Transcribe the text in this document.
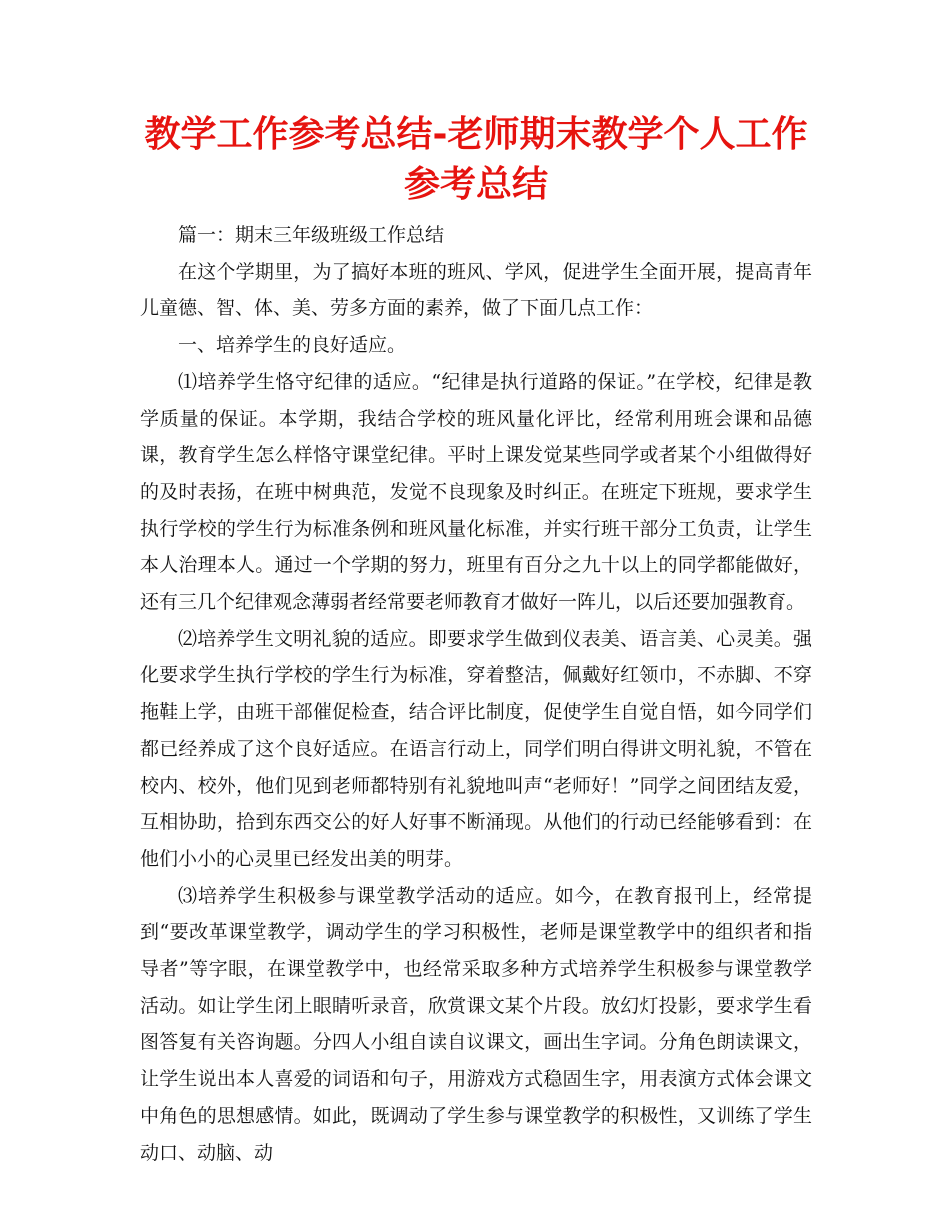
教学工作参考总结-老师期末教学个人工作参考总结

篇一：期末三年级班级工作总结

在这个学期里，为了搞好本班的班风、学风，促进学生全面开展，提高青年儿童德、智、体、美、劳多方面的素养，做了下面几点工作：

一、培养学生的良好适应。

⑴培养学生恪守纪律的适应。“纪律是执行道路的保证。”在学校，纪律是教学质量的保证。本学期，我结合学校的班风量化评比，经常利用班会课和品德课，教育学生怎么样恪守课堂纪律。平时上课发觉某些同学或者某个小组做得好的及时表扬，在班中树典范，发觉不良现象及时纠正。在班定下班规，要求学生执行学校的学生行为标准条例和班风量化标准，并实行班干部分工负责，让学生本人治理本人。通过一个学期的努力，班里有百分之九十以上的同学都能做好，还有三几个纪律观念薄弱者经常要老师教育才做好一阵儿，以后还要加强教育。

⑵培养学生文明礼貌的适应。即要求学生做到仪表美、语言美、心灵美。强化要求学生执行学校的学生行为标准，穿着整洁，佩戴好红领巾，不赤脚、不穿拖鞋上学，由班干部催促检查，结合评比制度，促使学生自觉自悟，如今同学们都已经养成了这个良好适应。在语言行动上，同学们明白得讲文明礼貌，不管在校内、校外，他们见到老师都特别有礼貌地叫声“老师好！”同学之间团结友爱，互相协助，拾到东西交公的好人好事不断涌现。从他们的行动已经能够看到：在他们小小的心灵里已经发出美的明芽。

⑶培养学生积极参与课堂教学活动的适应。如今，在教育报刊上，经常提到“要改革课堂教学，调动学生的学习积极性，老师是课堂教学中的组织者和指导者”等字眼，在课堂教学中，也经常采取多种方式培养学生积极参与课堂教学活动。如让学生闭上眼睛听录音，欣赏课文某个片段。放幻灯投影，要求学生看图答复有关咨询题。分四人小组自读自议课文，画出生字词。分角色朗读课文，让学生说出本人喜爱的词语和句子，用游戏方式稳固生字，用表演方式体会课文中角色的思想感情。如此，既调动了学生参与课堂教学的积极性，又训练了学生动口、动脑、动
